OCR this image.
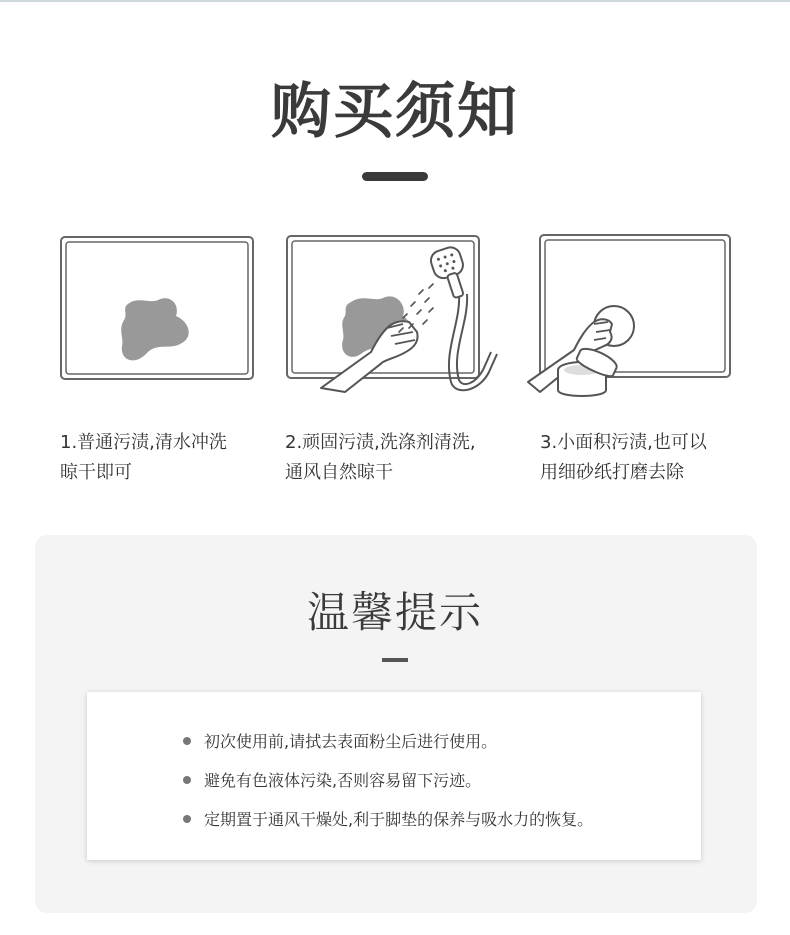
购买须知
1.普通污渍,清水冲洗
晾干即可
2.顽固污渍,洗涤剂清洗,
通风自然晾干
3.小面积污渍,也可以
用细砂纸打磨去除
温馨提示
初次使用前,请拭去表面粉尘后进行使用。
避免有色液体污染,否则容易留下污迹。
定期置于通风干燥处,利于脚垫的保养与吸水力的恢复。
